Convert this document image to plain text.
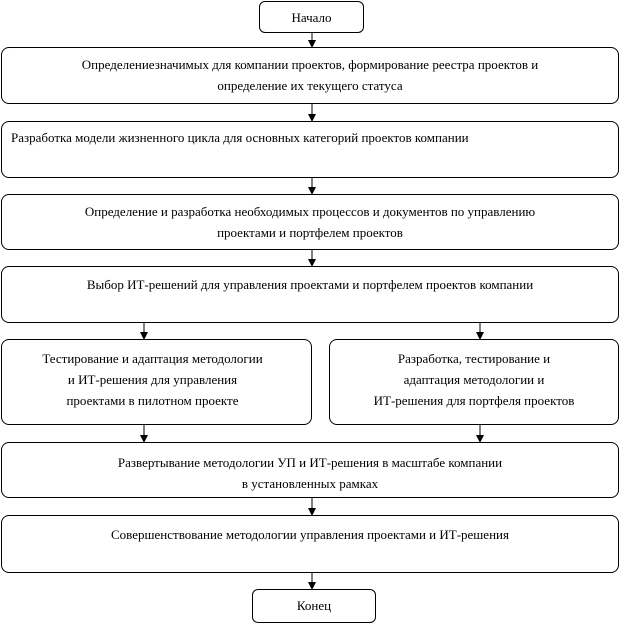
Начало
Определениезначимых для компании проектов, формирование реестра проектов и
определение их текущего статуса
Разработка модели жизненного цикла для основных категорий проектов компании
Определение и разработка необходимых процессов и документов по управлению
проектами и портфелем проектов
Выбор ИТ-решений для управления проектами и портфелем проектов компании
Тестирование и адаптация методологии
и ИТ-решения для управления
проектами в пилотном проекте
Разработка, тестирование и
адаптация методологии и
ИТ-решения для портфеля проектов
Развертывание методологии УП и ИТ-решения в масштабе компании
в установленных рамках
Совершенствование методологии управления проектами и ИТ-решения
Конец
